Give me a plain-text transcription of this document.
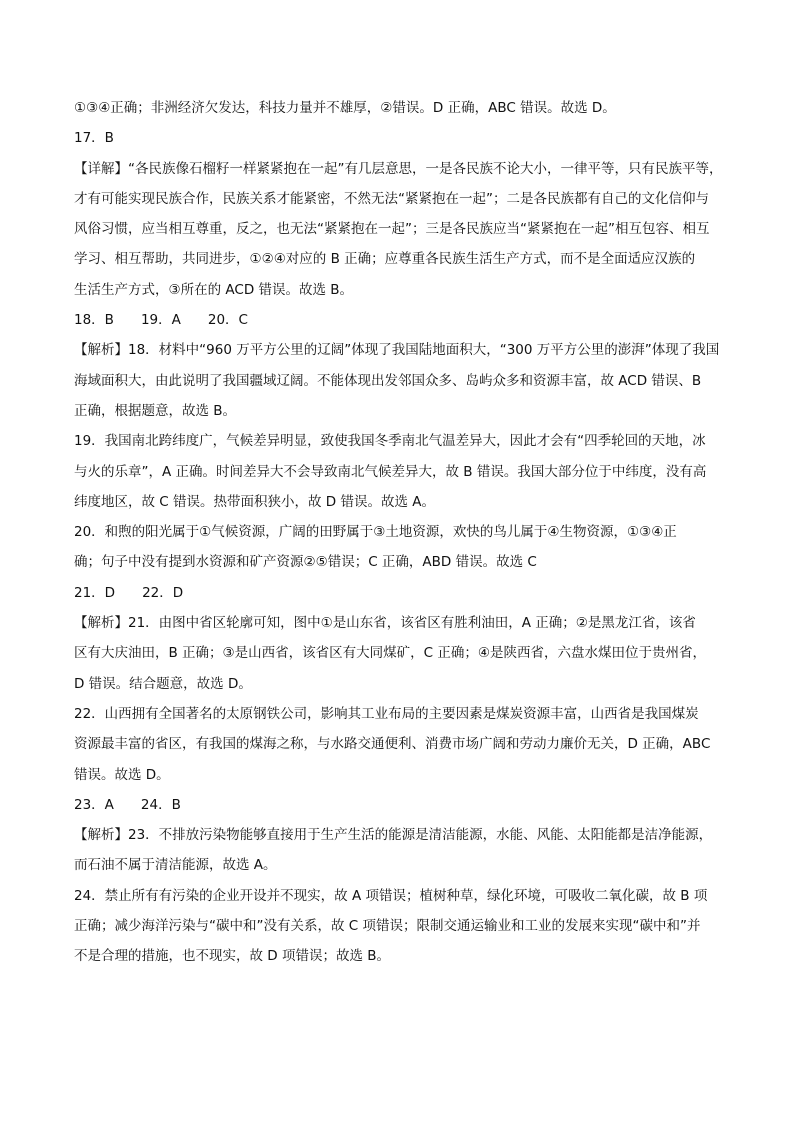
①③④正确；非洲经济欠发达，科技力量并不雄厚，②错误。D 正确，ABC 错误。故选 D。
17．B
【详解】“各民族像石榴籽一样紧紧抱在一起”有几层意思，一是各民族不论大小，一律平等，只有民族平等，
才有可能实现民族合作，民族关系才能紧密，不然无法“紧紧抱在一起”；二是各民族都有自己的文化信仰与
风俗习惯，应当相互尊重，反之，也无法“紧紧抱在一起”；三是各民族应当“紧紧抱在一起”相互包容、相互
学习、相互帮助，共同进步，①②④对应的 B 正确；应尊重各民族生活生产方式，而不是全面适应汉族的
生活生产方式，③所在的 ACD 错误。故选 B。
18．B　　19．A　　20．C
【解析】18．材料中“960 万平方公里的辽阔”体现了我国陆地面积大，“300 万平方公里的澎湃”体现了我国
海域面积大，由此说明了我国疆域辽阔。不能体现出发邻国众多、岛屿众多和资源丰富，故 ACD 错误、B
正确，根据题意，故选 B。
19．我国南北跨纬度广，气候差异明显，致使我国冬季南北气温差异大，因此才会有“四季轮回的天地，冰
与火的乐章”，A 正确。时间差异大不会导致南北气候差异大，故 B 错误。我国大部分位于中纬度，没有高
纬度地区，故 C 错误。热带面积狭小，故 D 错误。故选 A。
20．和煦的阳光属于①气候资源，广阔的田野属于③土地资源，欢快的鸟儿属于④生物资源，①③④正
确；句子中没有提到水资源和矿产资源②⑤错误；C 正确，ABD 错误。故选 C
21．D　　22．D
【解析】21．由图中省区轮廓可知，图中①是山东省，该省区有胜利油田，A 正确；②是黑龙江省，该省
区有大庆油田，B 正确；③是山西省，该省区有大同煤矿，C 正确；④是陕西省，六盘水煤田位于贵州省，
D 错误。结合题意，故选 D。
22．山西拥有全国著名的太原钢铁公司，影响其工业布局的主要因素是煤炭资源丰富，山西省是我国煤炭
资源最丰富的省区，有我国的煤海之称，与水路交通便利、消费市场广阔和劳动力廉价无关，D 正确，ABC
错误。故选 D。
23．A　　24．B
【解析】23．不排放污染物能够直接用于生产生活的能源是清洁能源，水能、风能、太阳能都是洁净能源，
而石油不属于清洁能源，故选 A。
24．禁止所有有污染的企业开设并不现实，故 A 项错误；植树种草，绿化环境，可吸收二氧化碳，故 B 项
正确；减少海洋污染与“碳中和”没有关系，故 C 项错误；限制交通运输业和工业的发展来实现“碳中和”并
不是合理的措施，也不现实，故 D 项错误；故选 B。
